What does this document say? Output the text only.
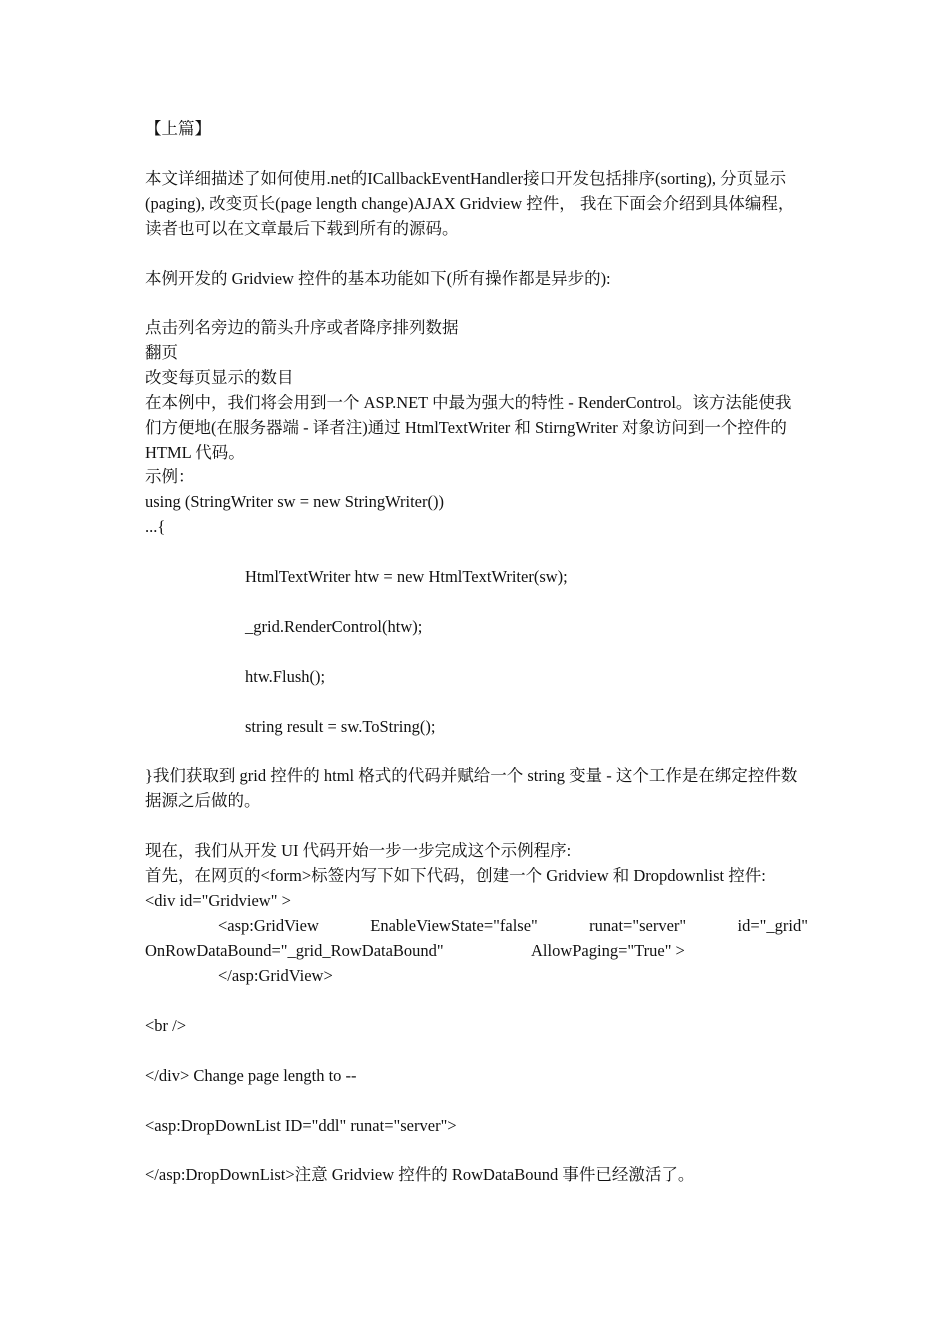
【上篇】
本文详细描述了如何使用.net的ICallbackEventHandler接口开发包括排序(sorting), 分页显示
(paging), 改变页长(page length change)AJAX Gridview 控件， 我在下面会介绍到具体编程，
读者也可以在文章最后下载到所有的源码。
本例开发的 Gridview 控件的基本功能如下(所有操作都是异步的):
点击列名旁边的箭头升序或者降序排列数据
翻页
改变每页显示的数目
在本例中，我们将会用到一个 ASP.NET 中最为强大的特性 - RenderControl。该方法能使我
们方便地(在服务器端 - 译者注)通过 HtmlTextWriter 和 StirngWriter 对象访问到一个控件的
HTML 代码。
示例：
using (StringWriter sw = new StringWriter())
...{
HtmlTextWriter htw = new HtmlTextWriter(sw);
_grid.RenderControl(htw);
htw.Flush();
string result = sw.ToString();
}我们获取到 grid 控件的 html 格式的代码并赋给一个 string 变量 - 这个工作是在绑定控件数
据源之后做的。
现在，我们从开发 UI 代码开始一步一步完成这个示例程序:
首先，在网页的<form>标签内写下如下代码，创建一个 Gridview 和 Dropdownlist 控件:
<div id="Gridview" >
<asp:GridView	EnableViewState="false"	runat="server"	id="_grid"
OnRowDataBound="_grid_RowDataBound"	AllowPaging="True" >
</asp:GridView>
<br />
</div> Change page length to --
<asp:DropDownList ID="ddl" runat="server">
</asp:DropDownList>注意 Gridview 控件的 RowDataBound 事件已经激活了。
